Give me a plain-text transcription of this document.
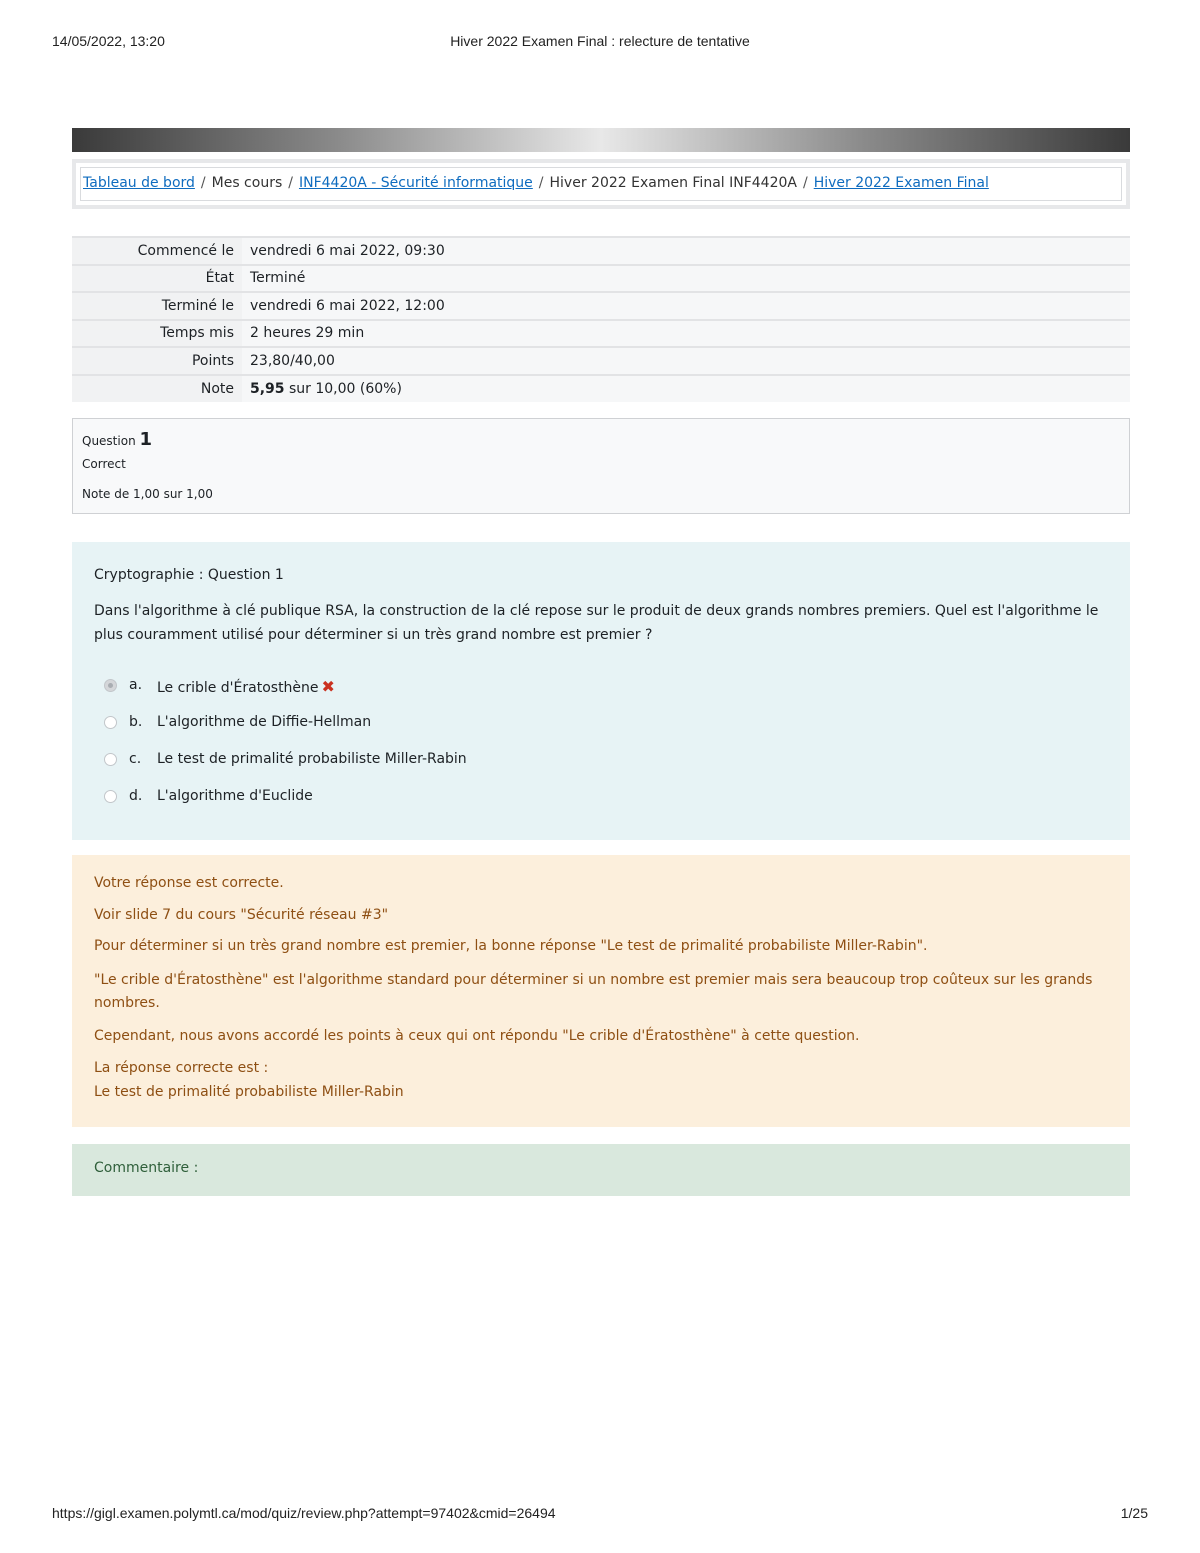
14/05/2022, 13:20	Hiver 2022 Examen Final : relecture de tentative
Tableau de bord / Mes cours / INF4420A - Sécurité informatique / Hiver 2022 Examen Final INF4420A / Hiver 2022 Examen Final
Commencé le	vendredi 6 mai 2022, 09:30
État	Terminé
Terminé le	vendredi 6 mai 2022, 12:00
Temps mis	2 heures 29 min
Points	23,80/40,00
Note	5,95 sur 10,00 (60%)
Question 1
Correct
Note de 1,00 sur 1,00
Cryptographie : Question 1
Dans l'algorithme à clé publique RSA, la construction de la clé repose sur le produit de deux grands nombres premiers. Quel est l'algorithme le plus couramment utilisé pour déterminer si un très grand nombre est premier ?
a. Le crible d'Ératosthène ✖
b. L'algorithme de Diffie-Hellman
c. Le test de primalité probabiliste Miller-Rabin
d. L'algorithme d'Euclide

Votre réponse est correcte.

Voir slide 7 du cours "Sécurité réseau #3"

Pour déterminer si un très grand nombre est premier, la bonne réponse "Le test de primalité probabiliste Miller-Rabin".

"Le crible d'Ératosthène" est l'algorithme standard pour déterminer si un nombre est premier mais sera beaucoup trop coûteux sur les grands nombres.

Cependant, nous avons accordé les points à ceux qui ont répondu "Le crible d'Ératosthène" à cette question.

La réponse correcte est :

Le test de primalité probabiliste Miller-Rabin

Commentaire :
https://gigl.examen.polymtl.ca/mod/quiz/review.php?attempt=97402&cmid=26494	1/25
